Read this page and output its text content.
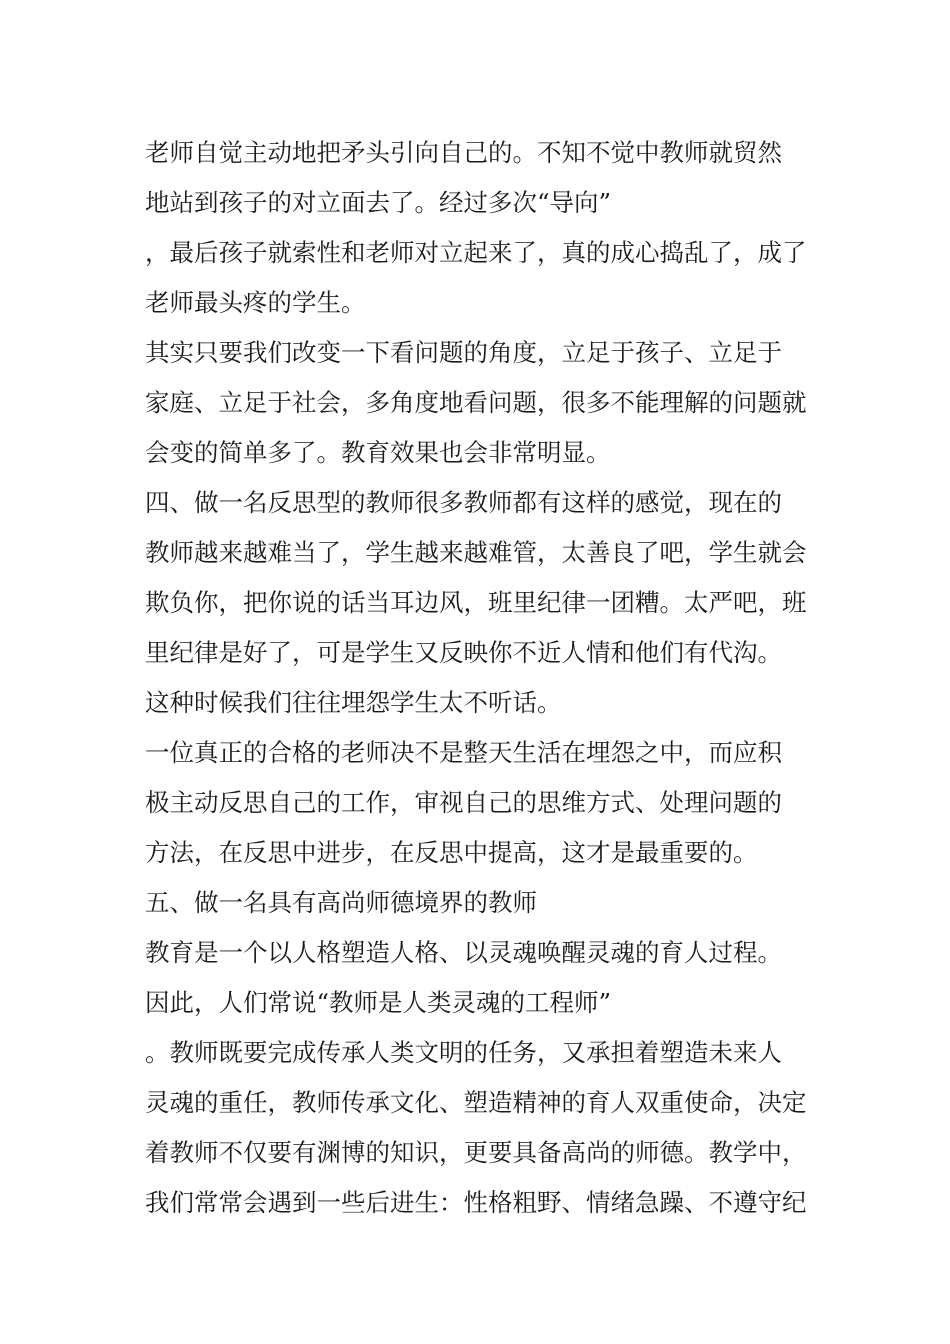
老师自觉主动地把矛头引向自己的。不知不觉中教师就贸然
地站到孩子的对立面去了。经过多次“导向”
，最后孩子就索性和老师对立起来了，真的成心捣乱了，成了
老师最头疼的学生。
其实只要我们改变一下看问题的角度，立足于孩子、立足于
家庭、立足于社会，多角度地看问题，很多不能理解的问题就
会变的简单多了。教育效果也会非常明显。
四、做一名反思型的教师很多教师都有这样的感觉，现在的
教师越来越难当了，学生越来越难管，太善良了吧，学生就会
欺负你，把你说的话当耳边风，班里纪律一团糟。太严吧，班
里纪律是好了，可是学生又反映你不近人情和他们有代沟。
这种时候我们往往埋怨学生太不听话。
一位真正的合格的老师决不是整天生活在埋怨之中，而应积
极主动反思自己的工作，审视自己的思维方式、处理问题的
方法，在反思中进步，在反思中提高，这才是最重要的。
五、做一名具有高尚师德境界的教师
教育是一个以人格塑造人格、以灵魂唤醒灵魂的育人过程。
因此，人们常说“教师是人类灵魂的工程师”
。教师既要完成传承人类文明的任务，又承担着塑造未来人
灵魂的重任，教师传承文化、塑造精神的育人双重使命，决定
着教师不仅要有渊博的知识，更要具备高尚的师德。教学中，
我们常常会遇到一些后进生：性格粗野、情绪急躁、不遵守纪
